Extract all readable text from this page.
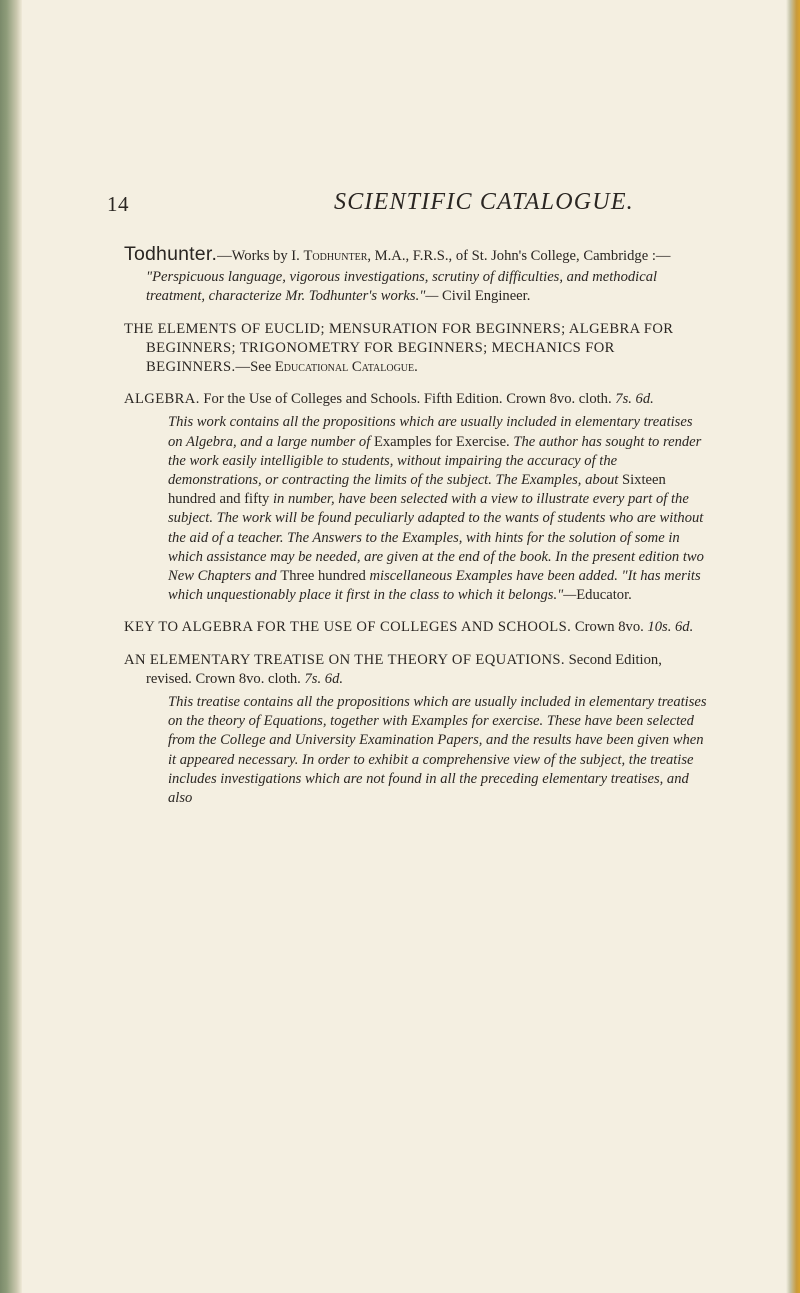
14	SCIENTIFIC CATALOGUE.
Todhunter.—Works by I. Todhunter, M.A., F.R.S., of St. John's College, Cambridge :—
"Perspicuous language, vigorous investigations, scrutiny of difficulties, and methodical treatment, characterize Mr. Todhunter's works."— Civil Engineer.
THE ELEMENTS OF EUCLID; MENSURATION FOR BEGINNERS; ALGEBRA FOR BEGINNERS; TRIGONOMETRY FOR BEGINNERS; MECHANICS FOR BEGINNERS.—See Educational Catalogue.
ALGEBRA. For the Use of Colleges and Schools. Fifth Edition. Crown 8vo. cloth. 7s. 6d.
This work contains all the propositions which are usually included in elementary treatises on Algebra, and a large number of Examples for Exercise. The author has sought to render the work easily intelligible to students, without impairing the accuracy of the demonstrations, or contracting the limits of the subject. The Examples, about Sixteen hundred and fifty in number, have been selected with a view to illustrate every part of the subject. The work will be found peculiarly adapted to the wants of students who are without the aid of a teacher. The Answers to the Examples, with hints for the solution of some in which assistance may be needed, are given at the end of the book. In the present edition two New Chapters and Three hundred miscellaneous Examples have been added. "It has merits which unquestionably place it first in the class to which it belongs."—Educator.
KEY TO ALGEBRA FOR THE USE OF COLLEGES AND SCHOOLS. Crown 8vo. 10s. 6d.
AN ELEMENTARY TREATISE ON THE THEORY OF EQUATIONS. Second Edition, revised. Crown 8vo. cloth. 7s. 6d.
This treatise contains all the propositions which are usually included in elementary treatises on the theory of Equations, together with Examples for exercise. These have been selected from the College and University Examination Papers, and the results have been given when it appeared necessary. In order to exhibit a comprehensive view of the subject, the treatise includes investigations which are not found in all the preceding elementary treatises, and also
